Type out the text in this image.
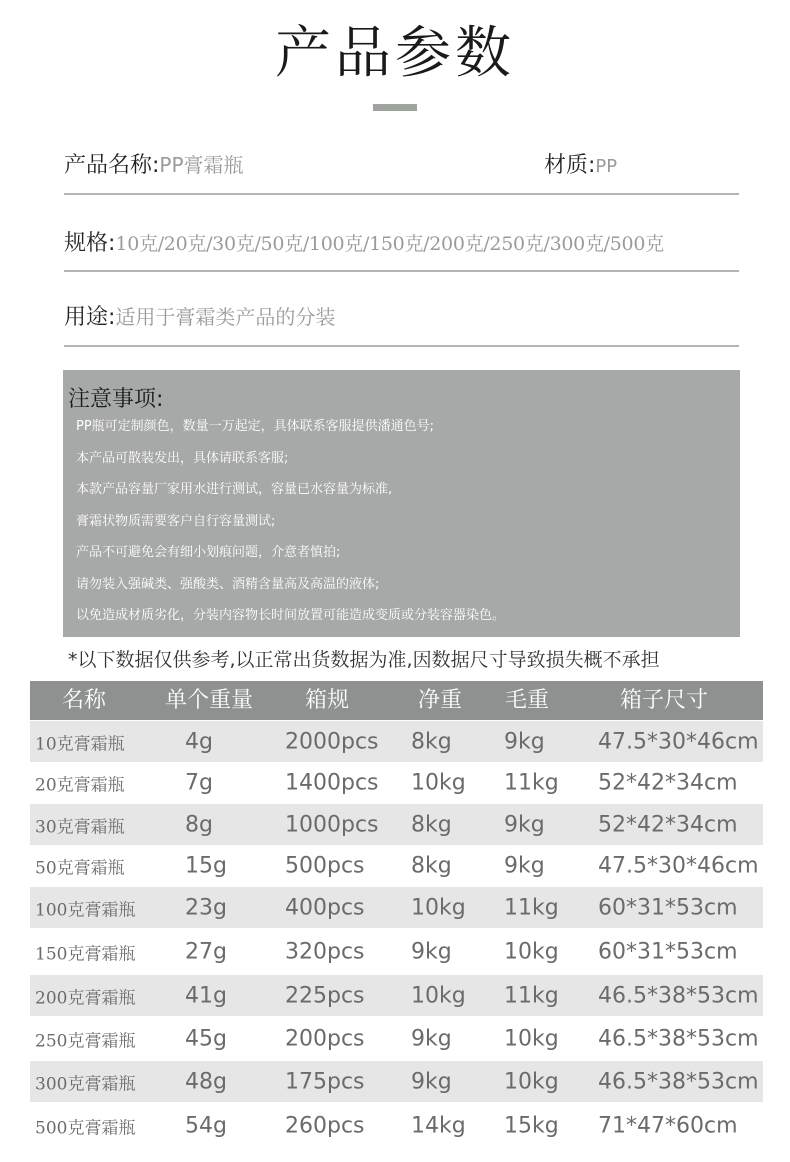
产品参数
产品名称:PP膏霜瓶	材质:PP
规格:10克/20克/30克/50克/100克/150克/200克/250克/300克/500克
用途:适用于膏霜类产品的分装
注意事项:
PP瓶可定制颜色，数量一万起定，具体联系客服提供潘通色号;
本产品可散装发出，具体请联系客服;
本款产品容量厂家用水进行测试，容量已水容量为标准,
膏霜状物质需要客户自行容量测试;
产品不可避免会有细小划痕问题，介意者慎拍;
请勿装入强碱类、强酸类、酒精含量高及高温的液体;
以免造成材质劣化，分装内容物长时间放置可能造成变质或分装容器染色。
*以下数据仅供参考,以正常出货数据为准,因数据尺寸导致损失概不承担
名称	单个重量 箱规	净重 毛重	箱子尺寸
10克膏霜瓶	4g	2000pcs 8kg 9kg 47.5*30*46cm
20克膏霜瓶	7g	1400pcs 10kg 11kg 52*42*34cm
30克膏霜瓶	8g	1000pcs 8kg 9kg 52*42*34cm
50克膏霜瓶	15g	500pcs 8kg 9kg 47.5*30*46cm
100克膏霜瓶 23g	400pcs 10kg 11kg 60*31*53cm
150克膏霜瓶 27g	320pcs 9kg 10kg 60*31*53cm
200克膏霜瓶 41g	225pcs 10kg 11kg 46.5*38*53cm
250克膏霜瓶 45g	200pcs 9kg 10kg 46.5*38*53cm
300克膏霜瓶 48g	175pcs 9kg 10kg 46.5*38*53cm
500克膏霜瓶 54g	260pcs 14kg 15kg 71*47*60cm
